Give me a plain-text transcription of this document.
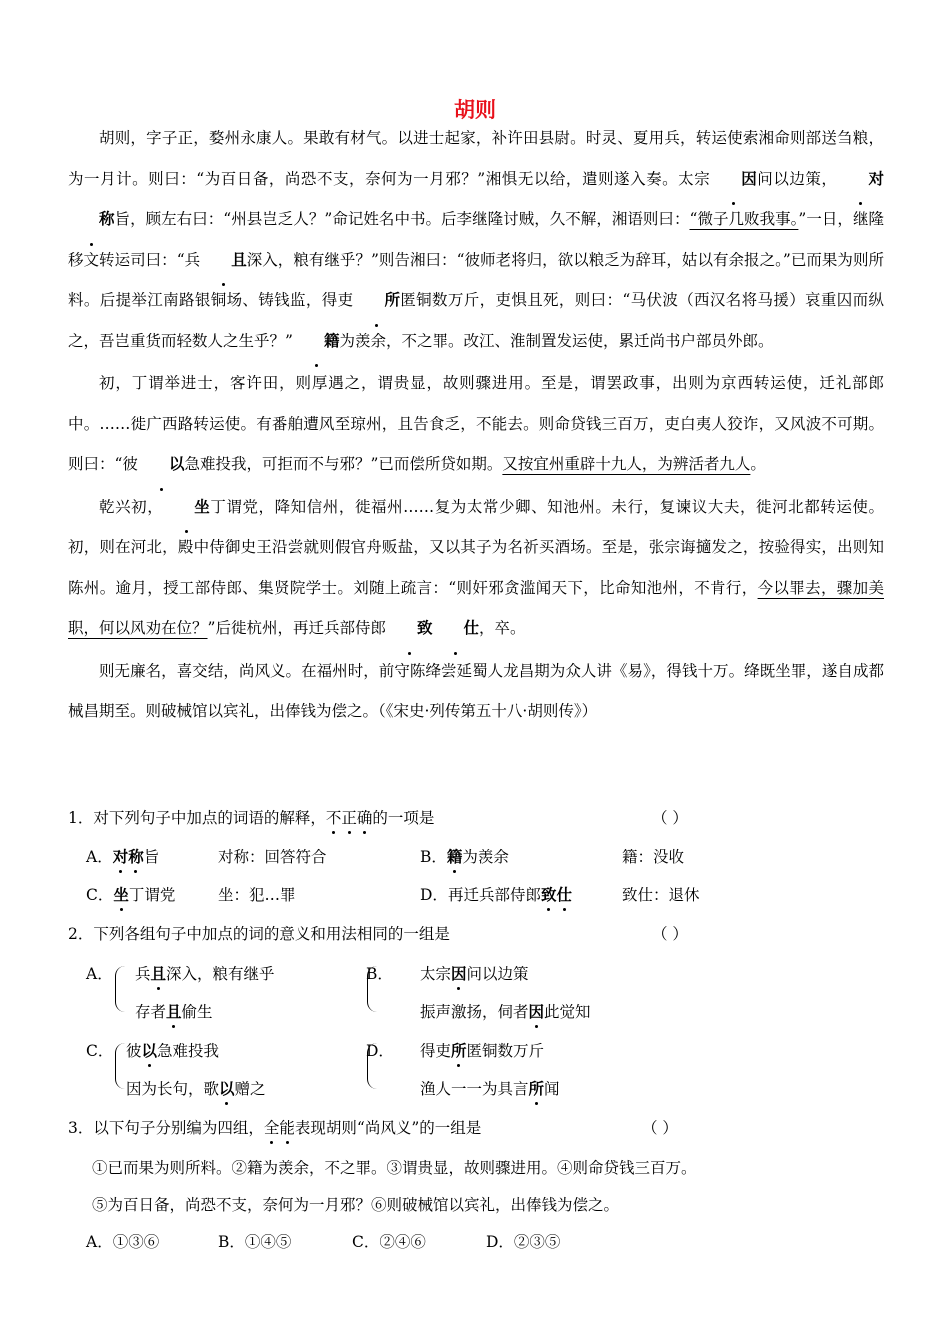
胡则

胡则，字子正，婺州永康人。果敢有材气。以进士起家，补许田县尉。时灵、夏用兵，转运使索湘命则部送刍粮，为一月计。则曰：“为百日备，尚恐不支，奈何为一月邪？”湘惧无以给，遣则遂入奏。太宗 因问以边策， 对称旨，顾左右曰：“州县岂乏人？”命记姓名中书。后李继隆讨贼，久不解，湘语则曰：“微子几败我事。”一日，继隆移文转运司曰：“兵 且深入，粮有继乎？”则告湘曰：“彼师老将归，欲以粮乏为辞耳，姑以有余报之。”已而果为则所料。后提举江南路银铜场、铸钱监，得吏 所匿铜数万斤，吏惧且死，则曰：“马伏波（西汉名将马援）哀重囚而纵之，吾岂重货而轻数人之生乎？” 籍为羡余，不之罪。改江、淮制置发运使，累迁尚书户部员外郎。

初，丁谓举进士，客许田，则厚遇之，谓贵显，故则骤进用。至是，谓罢政事，出则为京西转运使，迁礼部郎中。……徙广西路转运使。有番舶遭风至琼州，且告食乏，不能去。则命贷钱三百万，吏白夷人狡诈，又风波不可期。则曰：“彼 以急难投我，可拒而不与邪？”已而偿所贷如期。又按宜州重辟十九人，为辨活者九人。

乾兴初， 坐丁谓党，降知信州，徙福州……复为太常少卿、知池州。未行，复谏议大夫，徙河北都转运使。初，则在河北，殿中侍御史王沿尝就则假官舟贩盐，又以其子为名祈买酒场。至是，张宗诲擿发之，按验得实，出则知陈州。逾月，授工部侍郎、集贤院学士。刘随上疏言：“则奸邪贪滥闻天下，比命知池州，不肯行，今以罪去，骤加美职，何以风劝在位？”后徙杭州，再迁兵部侍郎 致 仕，卒。

则无廉名，喜交结，尚风义。在福州时，前守陈绛尝延蜀人龙昌期为众人讲《易》，得钱十万。绛既坐罪，遂自成都械昌期至。则破械馆以宾礼，出俸钱为偿之。（《宋史·列传第五十八·胡则传》）

1．对下列句子中加点的词语的解释，不正确的一项是	（ ）
A．对称旨	对称：回答符合	B．籍为羡余	籍：没收
C．坐丁谓党	坐：犯…罪	D．再迁兵部侍郎致仕	致仕：退休
2．下列各组句子中加点的词的意义和用法相同的一组是	（ ）
A． 兵且深入，粮有继乎
存者且偷生
B． 太宗因问以边策
振声激扬，伺者因此觉知
C． 彼以急难投我
因为长句，歌以赠之
D． 得吏所匿铜数万斤
渔人一一为具言所闻
3．以下句子分别编为四组，全能表现胡则“尚风义”的一组是	（ ）
①已而果为则所料。②籍为羡余，不之罪。③谓贵显，故则骤进用。④则命贷钱三百万。
⑤为百日备，尚恐不支，奈何为一月邪？⑥则破械馆以宾礼，出俸钱为偿之。
A．①③⑥	B．①④⑤	C．②④⑥	D．②③⑤
